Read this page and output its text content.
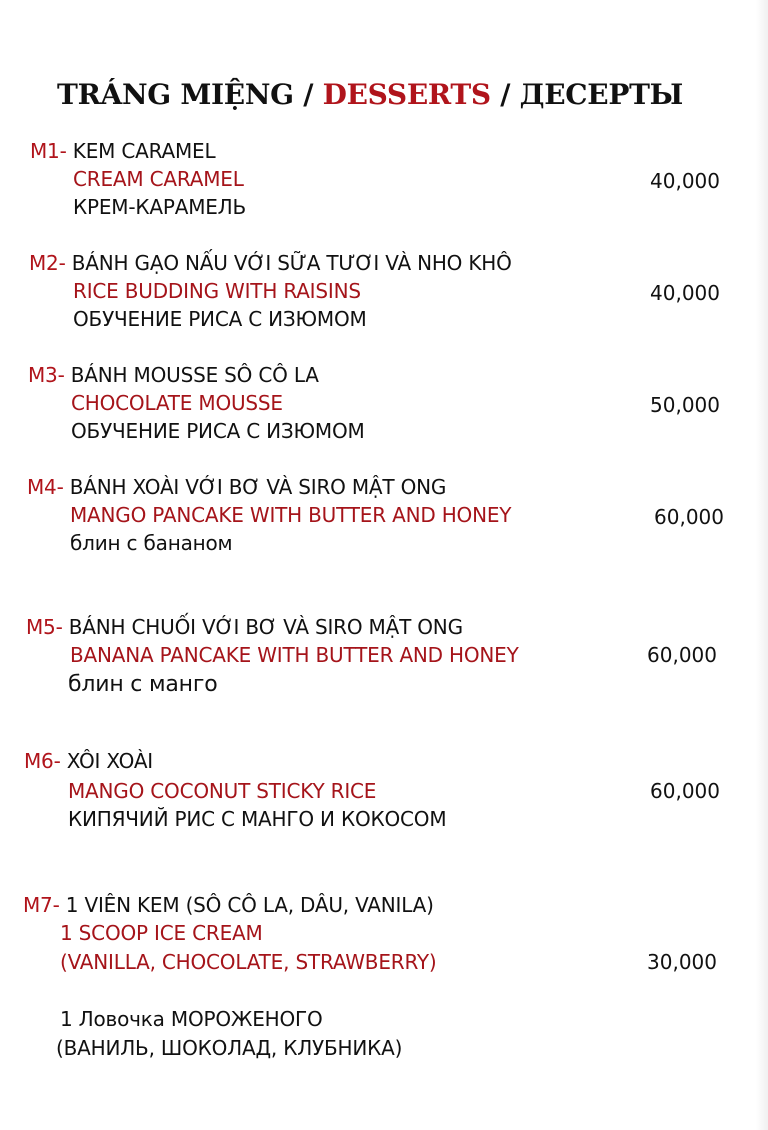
TRÁNG MIỆNG / DESSERTS / ДЕСЕРТЫ
M1- KEM CARAMEL
CREAM CARAMEL	40,000
КРЕМ-КАРАМЕЛЬ
M2- BÁNH GẠO NẤU VỚI SỮA TƯƠI VÀ NHO KHÔ
RICE BUDDING WITH RAISINS	40,000
ОБУЧЕНИЕ РИСА С ИЗЮМОМ
M3- BÁNH MOUSSE SÔ CÔ LA
CHOCOLATE MOUSSE	50,000
ОБУЧЕНИЕ РИСА С ИЗЮМОМ
M4- BÁNH XOÀI VỚI BƠ VÀ SIRO MẬT ONG
MANGO PANCAKE WITH BUTTER AND HONEY	60,000
блин с бананом
M5- BÁNH CHUỐI VỚI BƠ VÀ SIRO MẬT ONG
BANANA PANCAKE WITH BUTTER AND HONEY	60,000
блин с манго
M6- XÔI XOÀI
MANGO COCONUT STICKY RICE	60,000
КИПЯЧИЙ РИС С МАНГО И КОКОСОМ
M7- 1 VIÊN KEM (SÔ CÔ LA, DÂU, VANILA)
1 SCOOP ICE CREAM
(VANILLA, CHOCOLATE, STRAWBERRY)	30,000
1 Ловочка МОРОЖЕНОГО
(ВАНИЛЬ, ШОКОЛАД, КЛУБНИКА)
